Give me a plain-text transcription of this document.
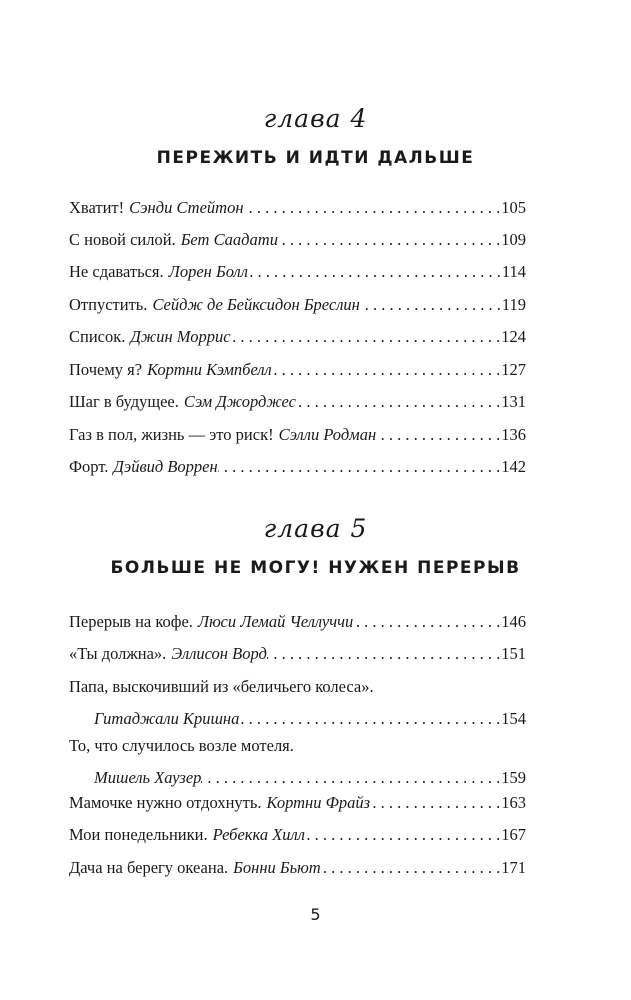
глава 4
ПЕРЕЖИТЬ И ИДТИ ДАЛЬШЕ
Хватит! Сэнди Стейтон . . .	105
С новой силой. Бет Саадати . . .	109
Не сдаваться. Лорен Болл . . .	114
Отпустить. Сейдж де Бейксидон Бреслин . . .	119
Список. Джин Моррис . . .	124
Почему я? Кортни Кэмпбелл . . .	127
Шаг в будущее. Сэм Джорджес . . .	131
Газ в пол, жизнь — это риск! Сэлли Родман . . .	136
Форт. Дэйвид Воррен . . .	142
глава 5
БОЛЬШЕ НЕ МОГУ! НУЖЕН ПЕРЕРЫВ
Перерыв на кофе. Люси Лемай Челлуччи . . .	146
«Ты должна». Эллисон Ворд . . .	151
Папа, выскочивший из «беличьего колеса».
Гитаджали Кришна . . .	154
То, что случилось возле мотеля.
Мишель Хаузер . . .	159
Мамочке нужно отдохнуть. Кортни Фрайз . . .	163
Мои понедельники. Ребекка Хилл . . .	167
Дача на берегу океана. Бонни Бьют . . .	171
5
